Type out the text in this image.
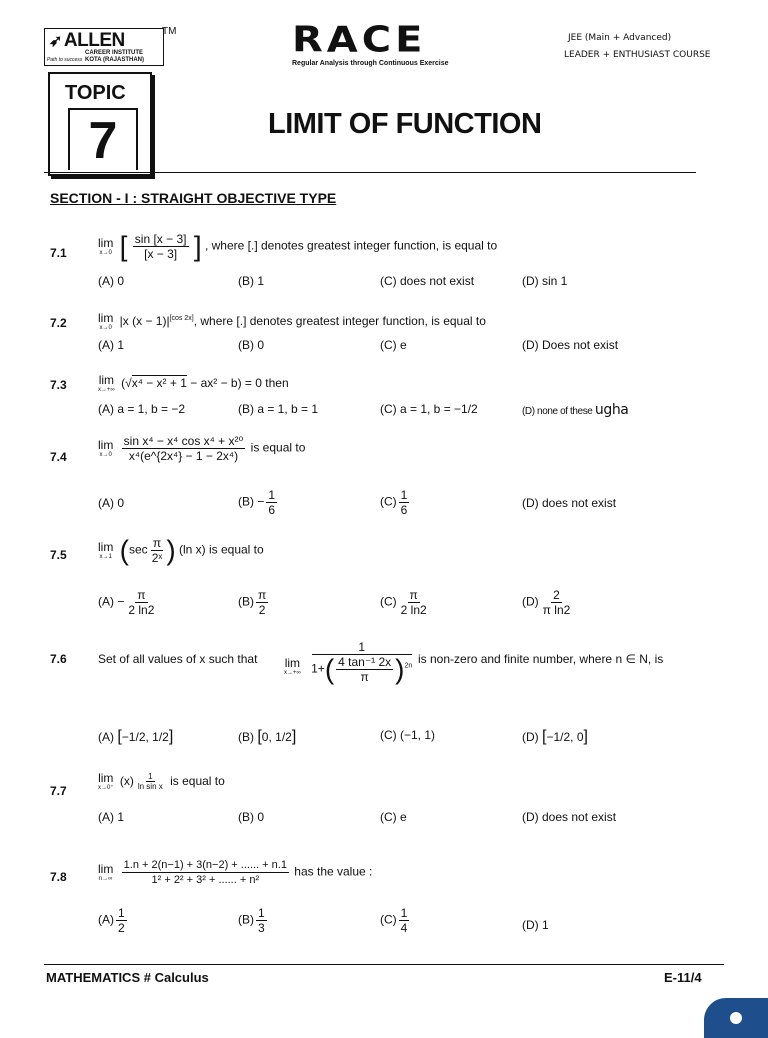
➶ ALLEN
CAREER INSTITUTE
KOTA (RAJASTHAN)
Path to success
TM	RACE
Regular Analysis through Continuous Exercise
JEE (Main + Advanced)
LEADER + ENTHUSIAST COURSE
TOPIC
7	LIMIT OF FUNCTION
SECTION - I : STRAIGHT OBJECTIVE TYPE
7.1
lim
x→0 [ $\frac{\sin [x - 3]}{[x - 3]}$ ] , where [.] denotes greatest integer function, is equal to
(A) 0	(B) 1	(C) does not exist	(D) sin 1
7.2	lim
x→0 |x (x − 1)|[cos 2x], where [.] denotes greatest integer function, is equal to
(A) 1	(B) 0	(C) e	(D) Does not exist
7.3	lim
x→+∞ (√x⁴ − x² + 1 − ax² − b) = 0 then
(A) a = 1, b = −2	(B) a = 1, b = 1	(C) a = 1, b = −1/2	(D) none of these ugha
7.4
lim
x→0
$\frac{\text{sin x⁴ − x⁴ cos x⁴ + x²⁰}}{\text{x⁴(e\textasciicircum{}\{2x⁴\} − 1 − 2x⁴)}}$ is equal to
(A) 0	$(B) - \frac{1}{6}$	$(C) \frac{1}{6}$	(D) does not exist
7.5
lim
x→1 ($\sec \frac{\pi}{\text{2ˣ}}$ ) (ln x) is equal to
$(A) - \frac{\pi}{2 \ln 2}$	$(B) \frac{\pi}{2}$	$(C) \frac{\pi}{2 \ln 2}$	$(D) \frac{2}{\text{π ln2}}$
7.6	Set of all values of x such that lim
x→+∞
$\frac{1}{1+( \frac{\text{4 tan⁻¹ 2x}}{\pi} )^{2n}}$ is non-zero and finite number, where n ∈ N, is
(A) [−1/2, 1/2]	(B) [0, 1/2]	(C) (−1, 1)	(D) [−1/2, 0]
7.7
lim
x→0⁺ $(x) \frac{1}{\text{ln sin x}}$ is equal to
(A) 1	(B) 0	(C) e	(D) does not exist
7.8
lim
n→∞
$\frac{1.n + 2(n-1) + 3(n-2) + ...... + n.1}{\text{1² + 2² + 3² + ...... + n²}}$ has the value :
$(A) \frac{1}{2}$	$(B) \frac{1}{3}$	$(C) \frac{1}{4}$	(D) 1
MATHEMATICS # Calculus	E-11/4
